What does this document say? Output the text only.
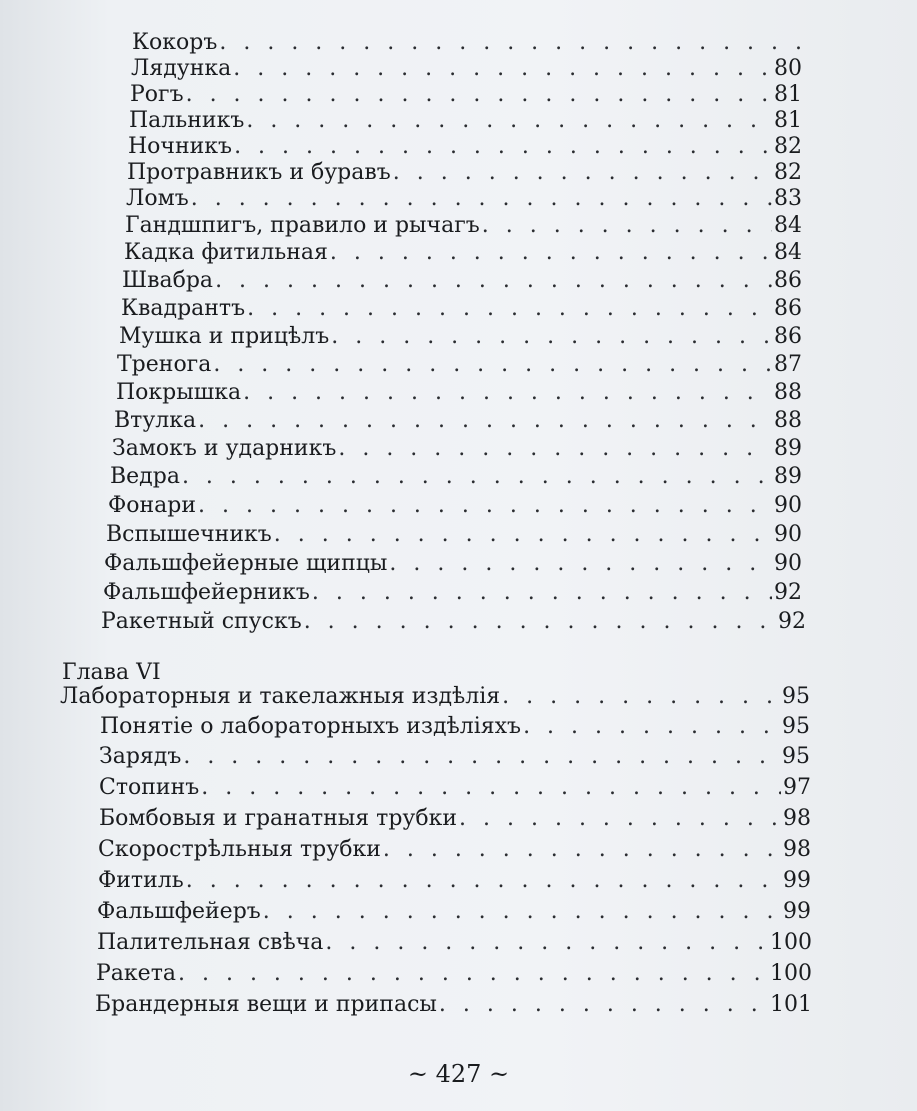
Кокоръ
. . .
Лядунка . . .	80
Рогъ . . .	81
Пальникъ . . .	81
Ночникъ . . .	82
Протравникъ и буравъ . . .	82
Ломъ . . .	83
Гандшпигъ, правило и рычагъ . . .	84
Кадка фитильная . . .	84
Швабра . . .	86
Квадрантъ . . .	86
Мушка и прицѣлъ . . .	86
Тренога . . .	87
Покрышка . . .	88
Втулка . . .	88
Замокъ и ударникъ . . .	89
Ведра . . .	89
Фонари . . .	90
Вспышечникъ . . .	90
Фальшфейерные щипцы . . .	90
Фальшфейерникъ . . .	92
Ракетный спускъ . . .	92
Глава VI
Лабораторныя и такелажныя издѣлія . . .	95
Понятіе о лабораторныхъ издѣліяхъ . . .	95
Зарядъ . . .	95
Стопинъ . . .	97
Бомбовыя и гранатныя трубки . . .	98
Скорострѣльныя трубки . . .	98
Фитиль . . .	99
Фальшфейеръ . . .	99
Палительная свѣча . . .	100
Ракета . . .	100
Брандерныя вещи и припасы . . .	101
~ 427 ~
